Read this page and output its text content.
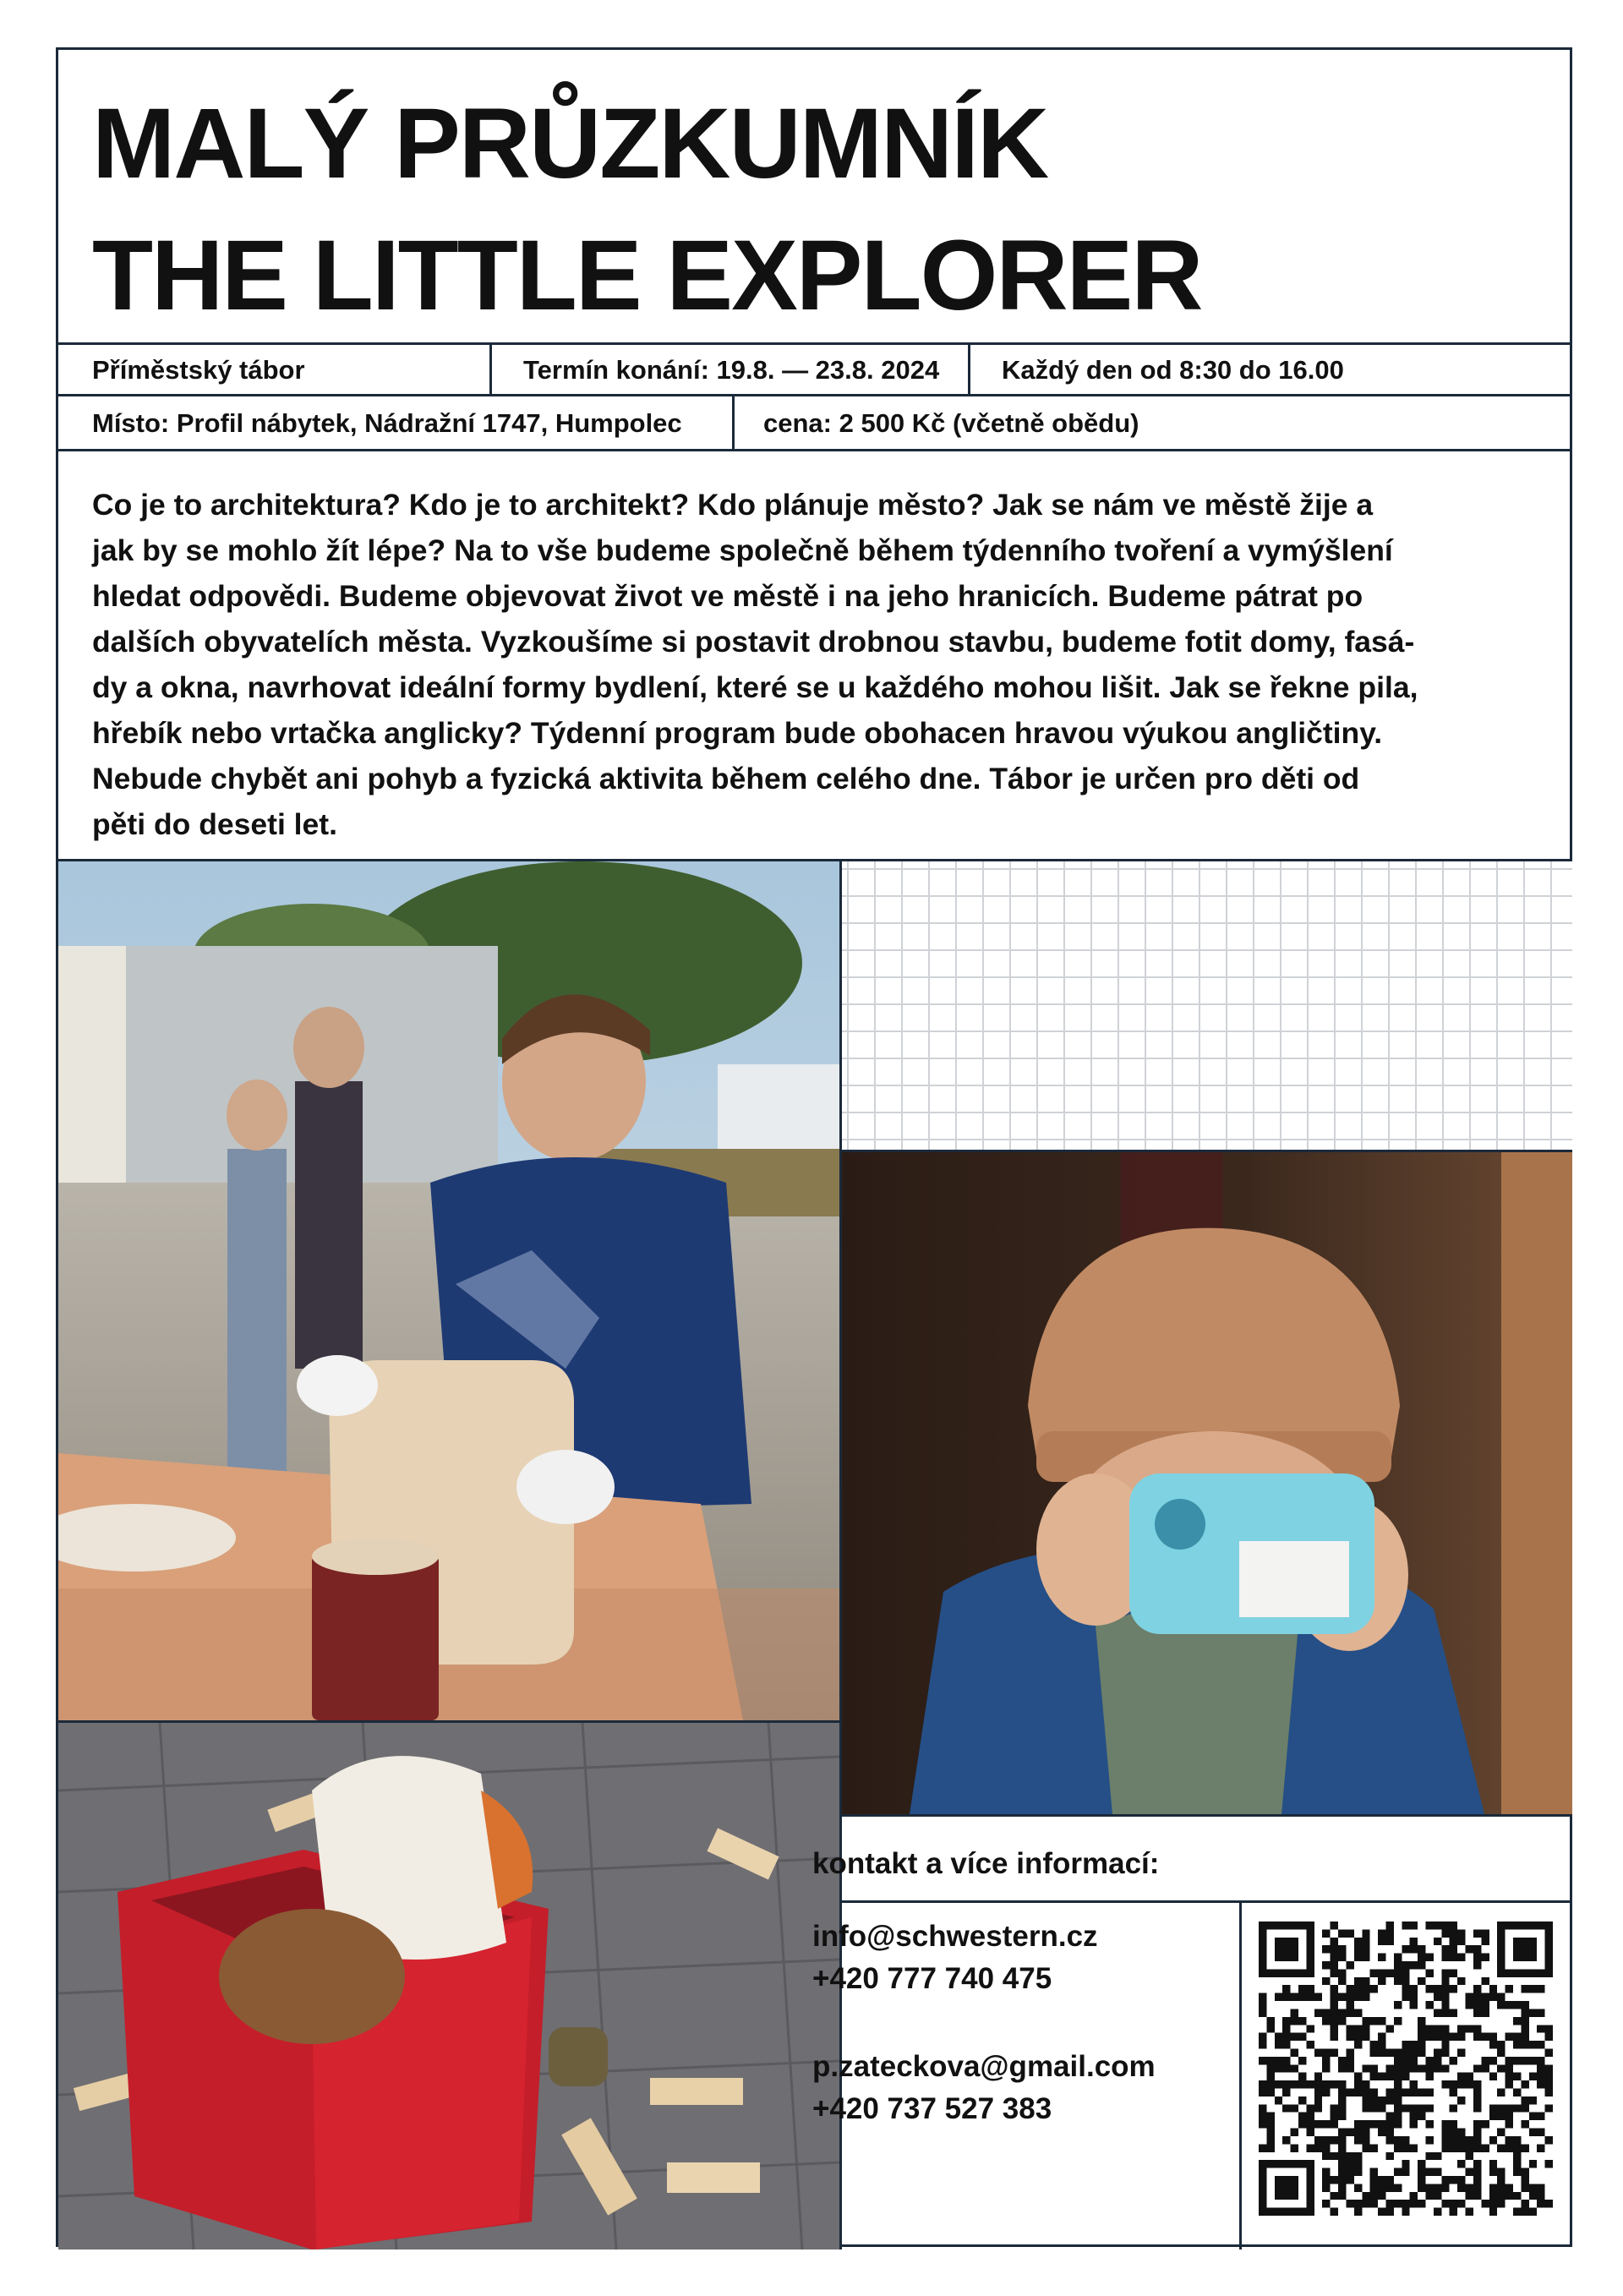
MALÝ PRŮZKUMNÍK
THE LITTLE EXPLORER
Příměstský tábor	Termín konání: 19.8. — 23.8. 2024 Každý den od 8:30 do 16.00
Místo: Profil nábytek, Nádražní 1747, Humpolec	cena: 2 500 Kč (včetně obědu)
Co je to architektura? Kdo je to architekt? Kdo plánuje město? Jak se nám ve městě žije a
jak by se mohlo žít lépe? Na to vše budeme společně během týdenního tvoření a vymýšlení
hledat odpovědi. Budeme objevovat život ve městě i na jeho hranicích. Budeme pátrat po
dalších obyvatelích města. Vyzkoušíme si postavit drobnou stavbu, budeme fotit domy, fasá-
dy a okna, navrhovat ideální formy bydlení, které se u každého mohou lišit. Jak se řekne pila,
hřebík nebo vrtačka anglicky? Týdenní program bude obohacen hravou výukou angličtiny.
Nebude chybět ani pohyb a fyzická aktivita během celého dne. Tábor je určen pro děti od
pěti do deseti let.
kontakt a více informací:
info@schwestern.cz
+420 777 740 475
p.zateckova@gmail.com
+420 737 527 383
